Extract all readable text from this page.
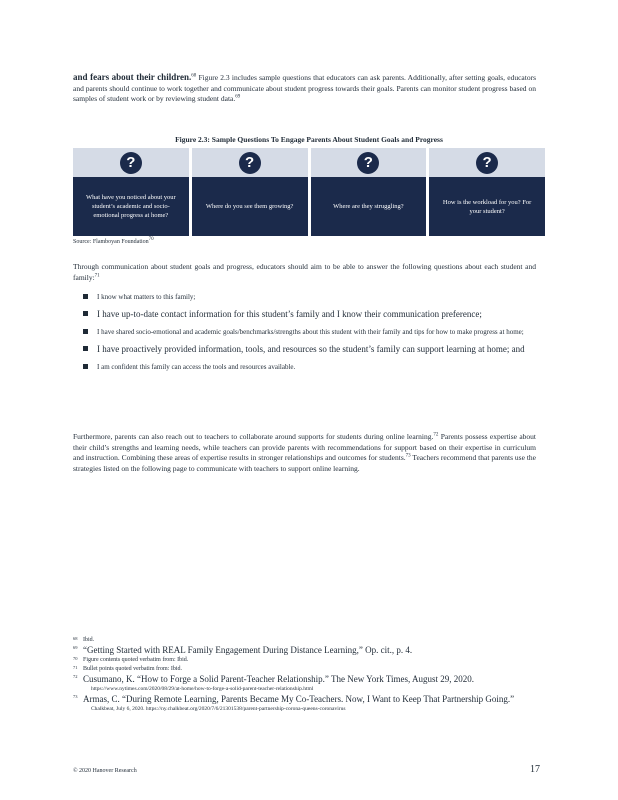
and fears about their children.$^{68}$ Figure 2.3 includes sample questions that educators can ask parents. Additionally, after setting goals, educators and parents should continue to work together and communicate about student progress towards their goals. Parents can monitor student progress based on samples of student work or by reviewing student data.$^{69}$
Figure 2.3: Sample Questions To Engage Parents About Student Goals and Progress
?
What have you noticed about your student’s academic and socio-emotional progress at home?
?
Where do you see them growing?
?
Where are they struggling?
?
How is the workload for you? For your student?
Source: Flamboyan Foundation$^{70}$
Through communication about student goals and progress, educators should aim to be able to answer the following questions about each student and family:$^{71}$
I know what matters to this family;
I have up-to-date contact information for this student’s family and I know their communication preference;
I have shared socio-emotional and academic goals/benchmarks/strengths about this student with their family and tips for how to make progress at home;
I have proactively provided information, tools, and resources so the student’s family can support learning at home; and
I am confident this family can access the tools and resources available.
Furthermore, parents can also reach out to teachers to collaborate around supports for students during online learning.$^{72}$ Parents possess expertise about their child’s strengths and learning needs, while teachers can provide parents with recommendations for support based on their expertise in curriculum and instruction. Combining these areas of expertise results in stronger relationships and outcomes for students.$^{73}$ Teachers recommend that parents use the strategies listed on the following page to communicate with teachers to support online learning.
68 Ibid.
69 “Getting Started with REAL Family Engagement During Distance Learning,” Op. cit., p. 4.
70 Figure contents quoted verbatim from: Ibid.
71 Bullet points quoted verbatim from: Ibid.
72 Cusumano, K. “How to Forge a Solid Parent-Teacher Relationship.” The New York Times, August 29, 2020.
https://www.nytimes.com/2020/08/29/at-home/how-to-forge-a-solid-parent-teacher-relationship.html
73 Armas, C. “During Remote Learning, Parents Became My Co-Teachers. Now, I Want to Keep That Partnership Going.”
Chalkbeat, July 6, 2020. https://ny.chalkbeat.org/2020/7/6/21301538/parent-partnership-corona-queens-coronavirus
© 2020 Hanover Research	17
